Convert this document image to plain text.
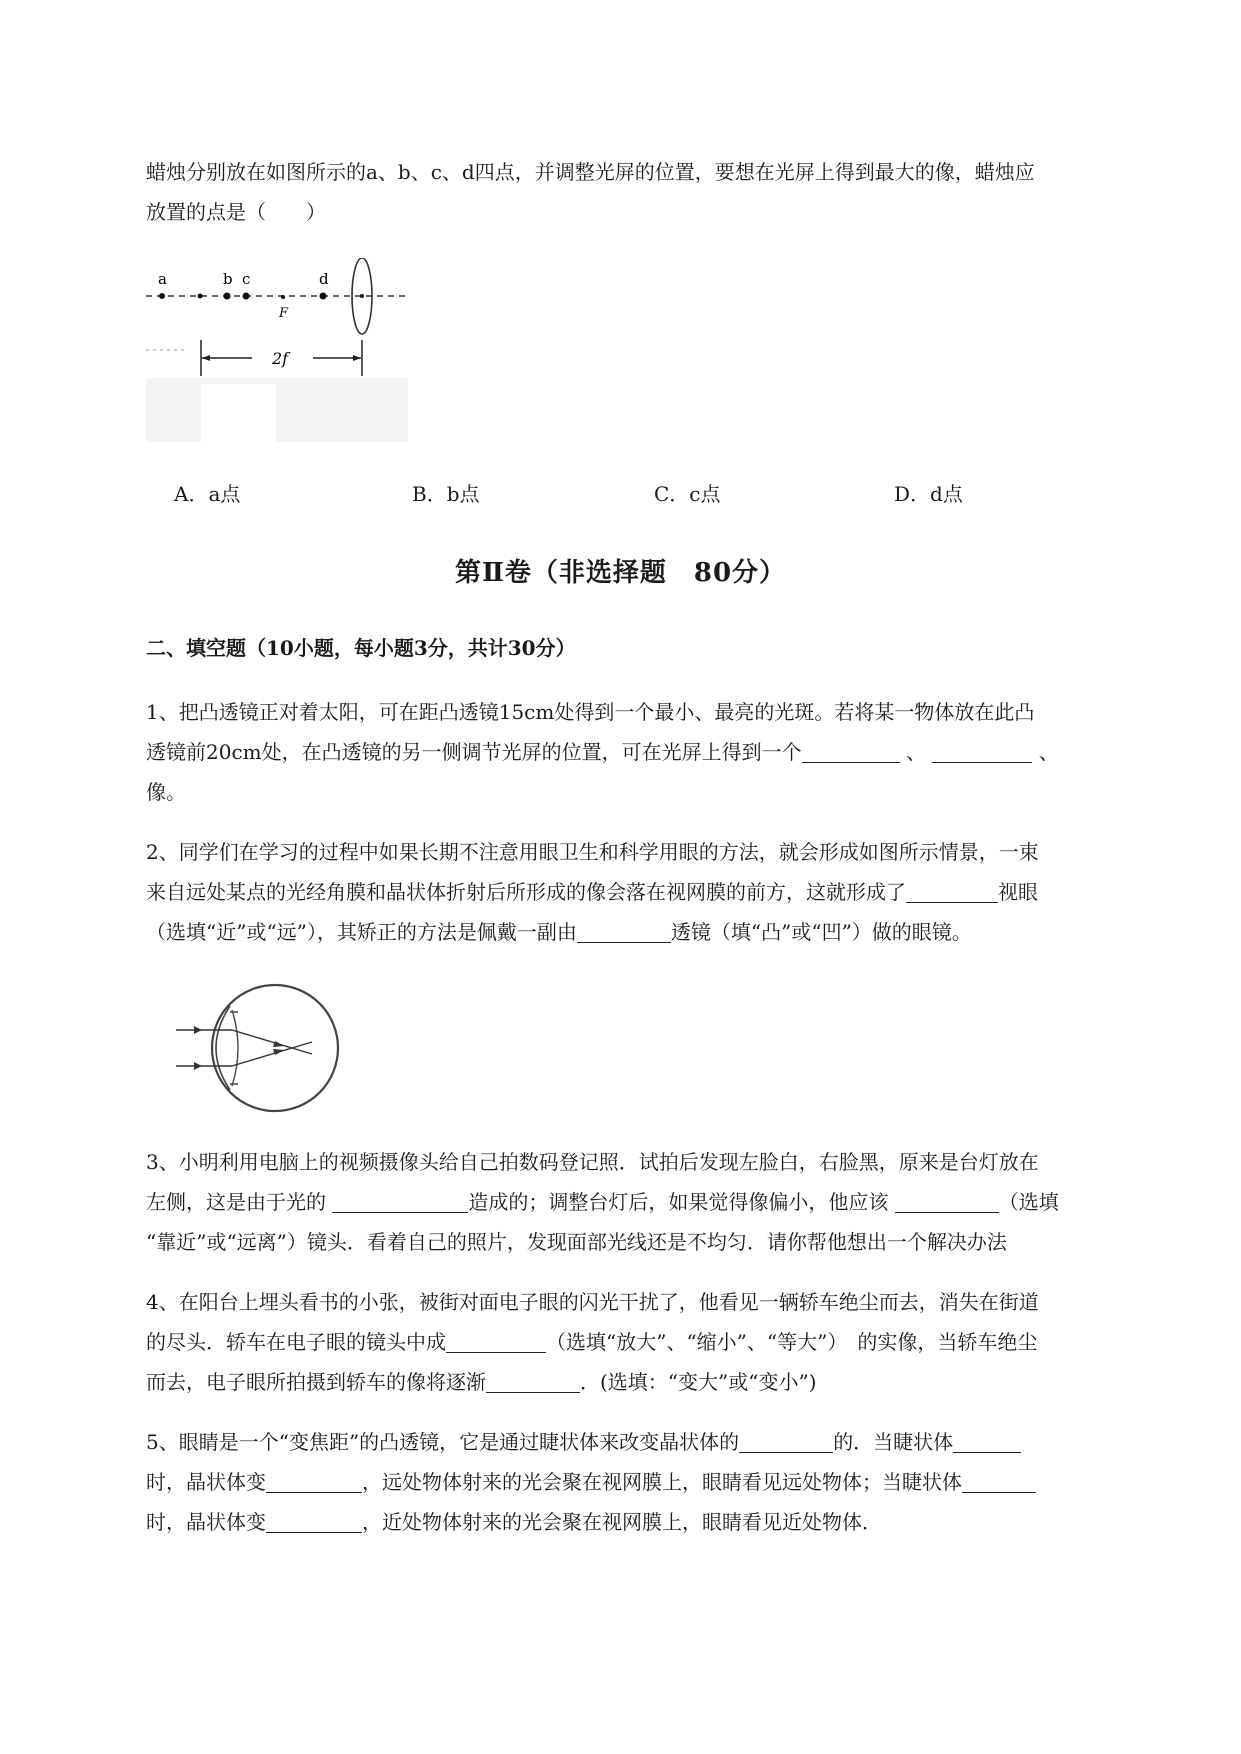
蜡烛分别放在如图所示的a、b、c、d四点，并调整光屏的位置，要想在光屏上得到最大的像，蜡烛应
放置的点是（　　）
a	b c
F
d
2f
A．a点	B．b点	C．c点	D．d点
第Ⅱ卷（非选择题　80分）
二、填空题（10小题，每小题3分，共计30分）
1、把凸透镜正对着太阳，可在距凸透镜15cm处得到一个最小、最亮的光斑。若将某一物体放在此凸
透镜前20cm处，在凸透镜的另一侧调节光屏的位置，可在光屏上得到一个	、	、
像。
2、同学们在学习的过程中如果长期不注意用眼卫生和科学用眼的方法，就会形成如图所示情景，一束
来自远处某点的光经角膜和晶状体折射后所形成的像会落在视网膜的前方，这就形成了	视眼
（选填“近”或“远”），其矫正的方法是佩戴一副由	透镜（填“凸”或“凹”）做的眼镜。
3、小明利用电脑上的视频摄像头给自己拍数码登记照．试拍后发现左脸白，右脸黑，原来是台灯放在
左侧，这是由于光的	造成的；调整台灯后，如果觉得像偏小，他应该	（选填
“靠近”或“远离”）镜头．看着自己的照片，发现面部光线还是不均匀．请你帮他想出一个解决办法
4、在阳台上埋头看书的小张，被街对面电子眼的闪光干扰了，他看见一辆轿车绝尘而去，消失在街道
的尽头．轿车在电子眼的镜头中成	（选填“放大”、“缩小”、“等大”）　的实像，当轿车绝尘
而去，电子眼所拍摄到轿车的像将逐渐	．(选填：“变大”或“变小”)
5、眼睛是一个“变焦距”的凸透镜，它是通过睫状体来改变晶状体的	的．当睫状体
时，晶状体变	，远处物体射来的光会聚在视网膜上，眼睛看见远处物体；当睫状体
时，晶状体变	，近处物体射来的光会聚在视网膜上，眼睛看见近处物体．
